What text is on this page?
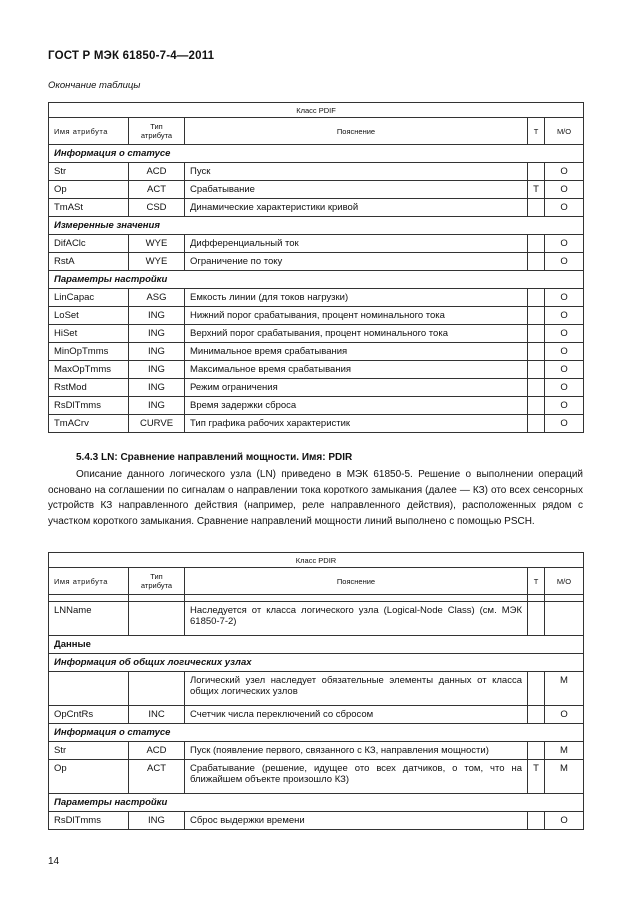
ГОСТ Р МЭК 61850-7-4—2011
Окончание таблицы
Класс PDIF				
Имя атрибута	Тип атрибута	Пояснение	T	М/О
Информация о статусе				
Str	ACD	Пуск		O
Op	ACT	Срабатывание	T	O
TmASt	CSD	Динамические характеристики кривой		O
Измеренные значения				
DifAClc	WYE	Дифференциальный ток		O
RstA	WYE	Ограничение по току		O
Параметры настройки				
LinCapac	ASG	Емкость линии (для токов нагрузки)		O
LoSet	ING	Нижний порог срабатывания, процент номинального тока		O
HiSet	ING	Верхний порог срабатывания, процент номинального тока		O
MinOpTmms	ING	Минимальное время срабатывания		O
MaxOpTmms	ING	Максимальное время срабатывания		O
RstMod	ING	Режим ограничения		O
RsDlTmms	ING	Время задержки сброса		O
TmACrv	CURVE	Тип графика рабочих характеристик		O
5.4.3 LN: Сравнение направлений мощности. Имя: PDIR
Описание данного логического узла (LN) приведено в МЭК 61850-5. Решение о выполнении операций основано на соглашении по сигналам о направлении тока короткого замыкания (далее — КЗ) ото всех сенсорных устройств КЗ направленного действия (например, реле направленного действия), расположенных рядом с участком короткого замыкания. Сравнение направлений мощности линий выполнено с помощью PSCH.
Класс PDIR				
Имя атрибута	Тип атрибута	Пояснение	T	М/О

LNName		Наследуется от класса логического узла (Logical-Node Class) (см. МЭК 61850-7-2)		
Данные				
Информация об общих логических узлах				
		Логический узел наследует обязательные элементы данных от класса общих логических узлов		M
OpCntRs	INC	Счетчик числа переключений со сбросом		O
Информация о статусе				
Str	ACD	Пуск (появление первого, связанного с КЗ, направления мощности)		M
Op	ACT	Срабатывание (решение, идущее ото всех датчиков, о том, что на ближайшем объекте произошло КЗ)	T	M
Параметры настройки				
RsDlTmms	ING	Сброс выдержки времени		O
14
